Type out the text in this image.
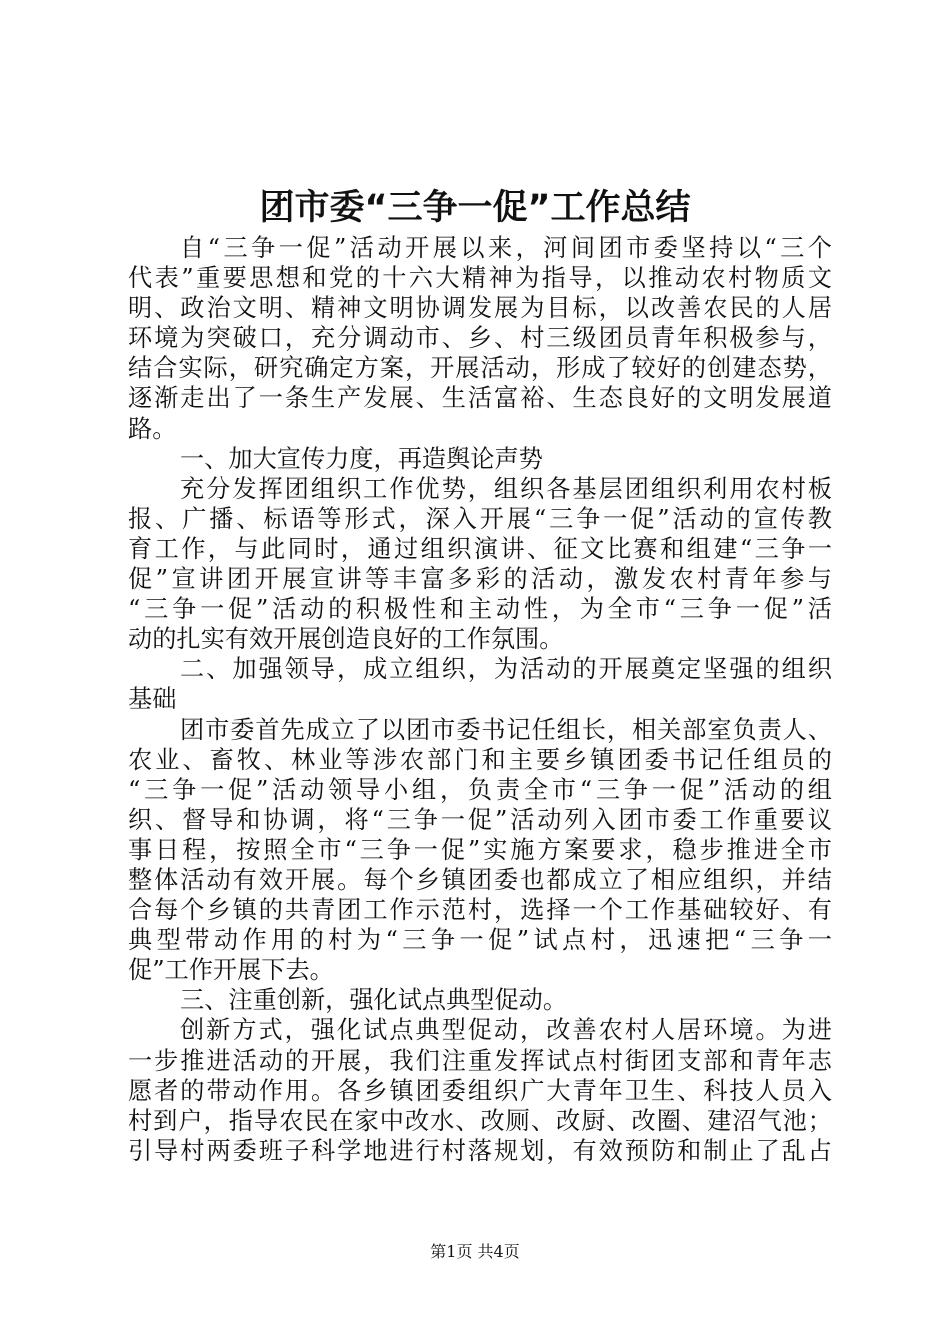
团市委“三争一促”工作总结
自“三争一促”活动开展以来，河间团市委坚持以“三个
代表”重要思想和党的十六大精神为指导，以推动农村物质文
明、政治文明、精神文明协调发展为目标，以改善农民的人居
环境为突破口，充分调动市、乡、村三级团员青年积极参与，
结合实际，研究确定方案，开展活动，形成了较好的创建态势，
逐渐走出了一条生产发展、生活富裕、生态良好的文明发展道
路。
一、加大宣传力度，再造舆论声势
充分发挥团组织工作优势，组织各基层团组织利用农村板
报、广播、标语等形式，深入开展“三争一促”活动的宣传教
育工作，与此同时，通过组织演讲、征文比赛和组建“三争一
促”宣讲团开展宣讲等丰富多彩的活动，激发农村青年参与
“三争一促”活动的积极性和主动性，为全市“三争一促”活
动的扎实有效开展创造良好的工作氛围。
二、加强领导，成立组织，为活动的开展奠定坚强的组织
基础
团市委首先成立了以团市委书记任组长，相关部室负责人、
农业、畜牧、林业等涉农部门和主要乡镇团委书记任组员的
“三争一促”活动领导小组，负责全市“三争一促”活动的组
织、督导和协调，将“三争一促”活动列入团市委工作重要议
事日程，按照全市“三争一促”实施方案要求，稳步推进全市
整体活动有效开展。每个乡镇团委也都成立了相应组织，并结
合每个乡镇的共青团工作示范村，选择一个工作基础较好、有
典型带动作用的村为“三争一促”试点村，迅速把“三争一
促”工作开展下去。
三、注重创新，强化试点典型促动。
创新方式，强化试点典型促动，改善农村人居环境。为进
一步推进活动的开展，我们注重发挥试点村街团支部和青年志
愿者的带动作用。各乡镇团委组织广大青年卫生、科技人员入
村到户，指导农民在家中改水、改厕、改厨、改圈、建沼气池；
引导村两委班子科学地进行村落规划，有效预防和制止了乱占
第1页 共4页
